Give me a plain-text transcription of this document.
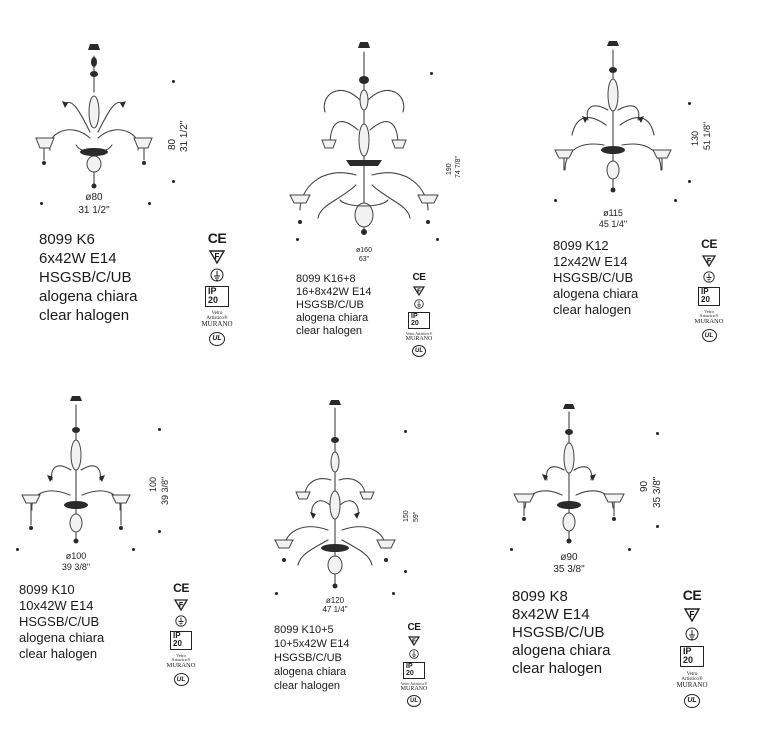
80 31 1/2"
ø80
31 1/2"
8099 K6
6x42W E14
HSGSB/C/UB
alogena chiara
clear halogen
CE
F
IP 20
Vetro Artistico®
MURANO
UL
190 74 7/8"
ø160
63"
8099 K16+8
16+8x42W E14
HSGSB/C/UB
alogena chiara
clear halogen
CE
F
IP 20
Vetro Artistico®
MURANO
UL
130 51 1/8"
ø115
45 1/4"
8099 K12
12x42W E14
HSGSB/C/UB
alogena chiara
clear halogen
CE
F
IP 20
Vetro Artistico®
MURANO
UL
100 39 3/8"
ø100
39 3/8"
8099 K10
10x42W E14
HSGSB/C/UB
alogena chiara
clear halogen
CE
F
IP 20
Vetro Artistico®
MURANO
UL
150 59"
ø120
47 1/4"
8099 K10+5
10+5x42W E14
HSGSB/C/UB
alogena chiara
clear halogen
CE
F
IP 20
Vetro Artistico®
MURANO
UL
90 35 3/8"
ø90
35 3/8"
8099 K8
8x42W E14
HSGSB/C/UB
alogena chiara
clear halogen
CE
F
IP 20
Vetro Artistico®
MURANO
UL
